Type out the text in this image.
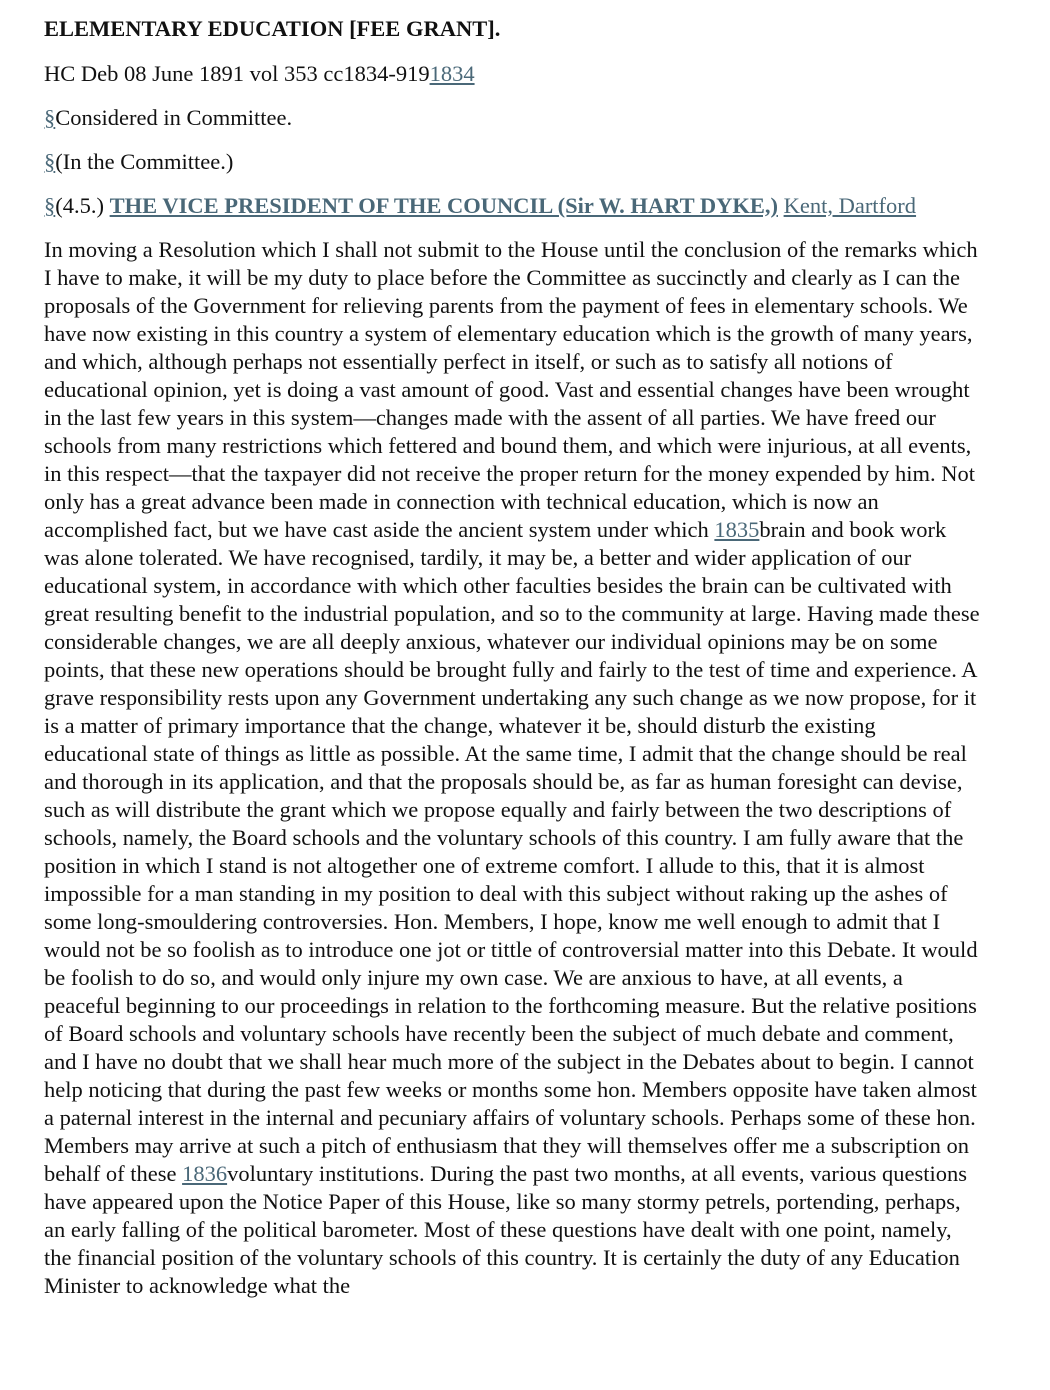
ELEMENTARY EDUCATION [FEE GRANT].

HC Deb 08 June 1891 vol 353 cc1834-9191834

§Considered in Committee.

§(In the Committee.)

§(4.5.) THE VICE PRESIDENT OF THE COUNCIL (Sir W. HART DYKE,) Kent, Dartford

In moving a Resolution which I shall not submit to the House until the conclusion of the remarks which I have to make, it will be my duty to place before the Committee as succinctly and clearly as I can the proposals of the Government for relieving parents from the payment of fees in elementary schools. We have now existing in this country a system of elementary education which is the growth of many years, and which, although perhaps not essentially perfect in itself, or such as to satisfy all notions of educational opinion, yet is doing a vast amount of good. Vast and essential changes have been wrought in the last few years in this system—changes made with the assent of all parties. We have freed our schools from many restrictions which fettered and bound them, and which were injurious, at all events, in this respect—that the taxpayer did not receive the proper return for the money expended by him. Not only has a great advance been made in connection with technical education, which is now an accomplished fact, but we have cast aside the ancient system under which 1835brain and book work was alone tolerated. We have recognised, tardily, it may be, a better and wider application of our educational system, in accordance with which other faculties besides the brain can be cultivated with great resulting benefit to the industrial population, and so to the community at large. Having made these considerable changes, we are all deeply anxious, whatever our individual opinions may be on some points, that these new operations should be brought fully and fairly to the test of time and experience. A grave responsibility rests upon any Government undertaking any such change as we now propose, for it is a matter of primary importance that the change, whatever it be, should disturb the existing educational state of things as little as possible. At the same time, I admit that the change should be real and thorough in its application, and that the proposals should be, as far as human foresight can devise, such as will distribute the grant which we propose equally and fairly between the two descriptions of schools, namely, the Board schools and the voluntary schools of this country. I am fully aware that the position in which I stand is not altogether one of extreme comfort. I allude to this, that it is almost impossible for a man standing in my position to deal with this subject without raking up the ashes of some long-smouldering controversies. Hon. Members, I hope, know me well enough to admit that I would not be so foolish as to introduce one jot or tittle of controversial matter into this Debate. It would be foolish to do so, and would only injure my own case. We are anxious to have, at all events, a peaceful beginning to our proceedings in relation to the forthcoming measure. But the relative positions of Board schools and voluntary schools have recently been the subject of much debate and comment, and I have no doubt that we shall hear much more of the subject in the Debates about to begin. I cannot help noticing that during the past few weeks or months some hon. Members opposite have taken almost a paternal interest in the internal and pecuniary affairs of voluntary schools. Perhaps some of these hon. Members may arrive at such a pitch of enthusiasm that they will themselves offer me a subscription on behalf of these 1836voluntary institutions. During the past two months, at all events, various questions have appeared upon the Notice Paper of this House, like so many stormy petrels, portending, perhaps, an early falling of the political barometer. Most of these questions have dealt with one point, namely, the financial position of the voluntary schools of this country. It is certainly the duty of any Education Minister to acknowledge what the
